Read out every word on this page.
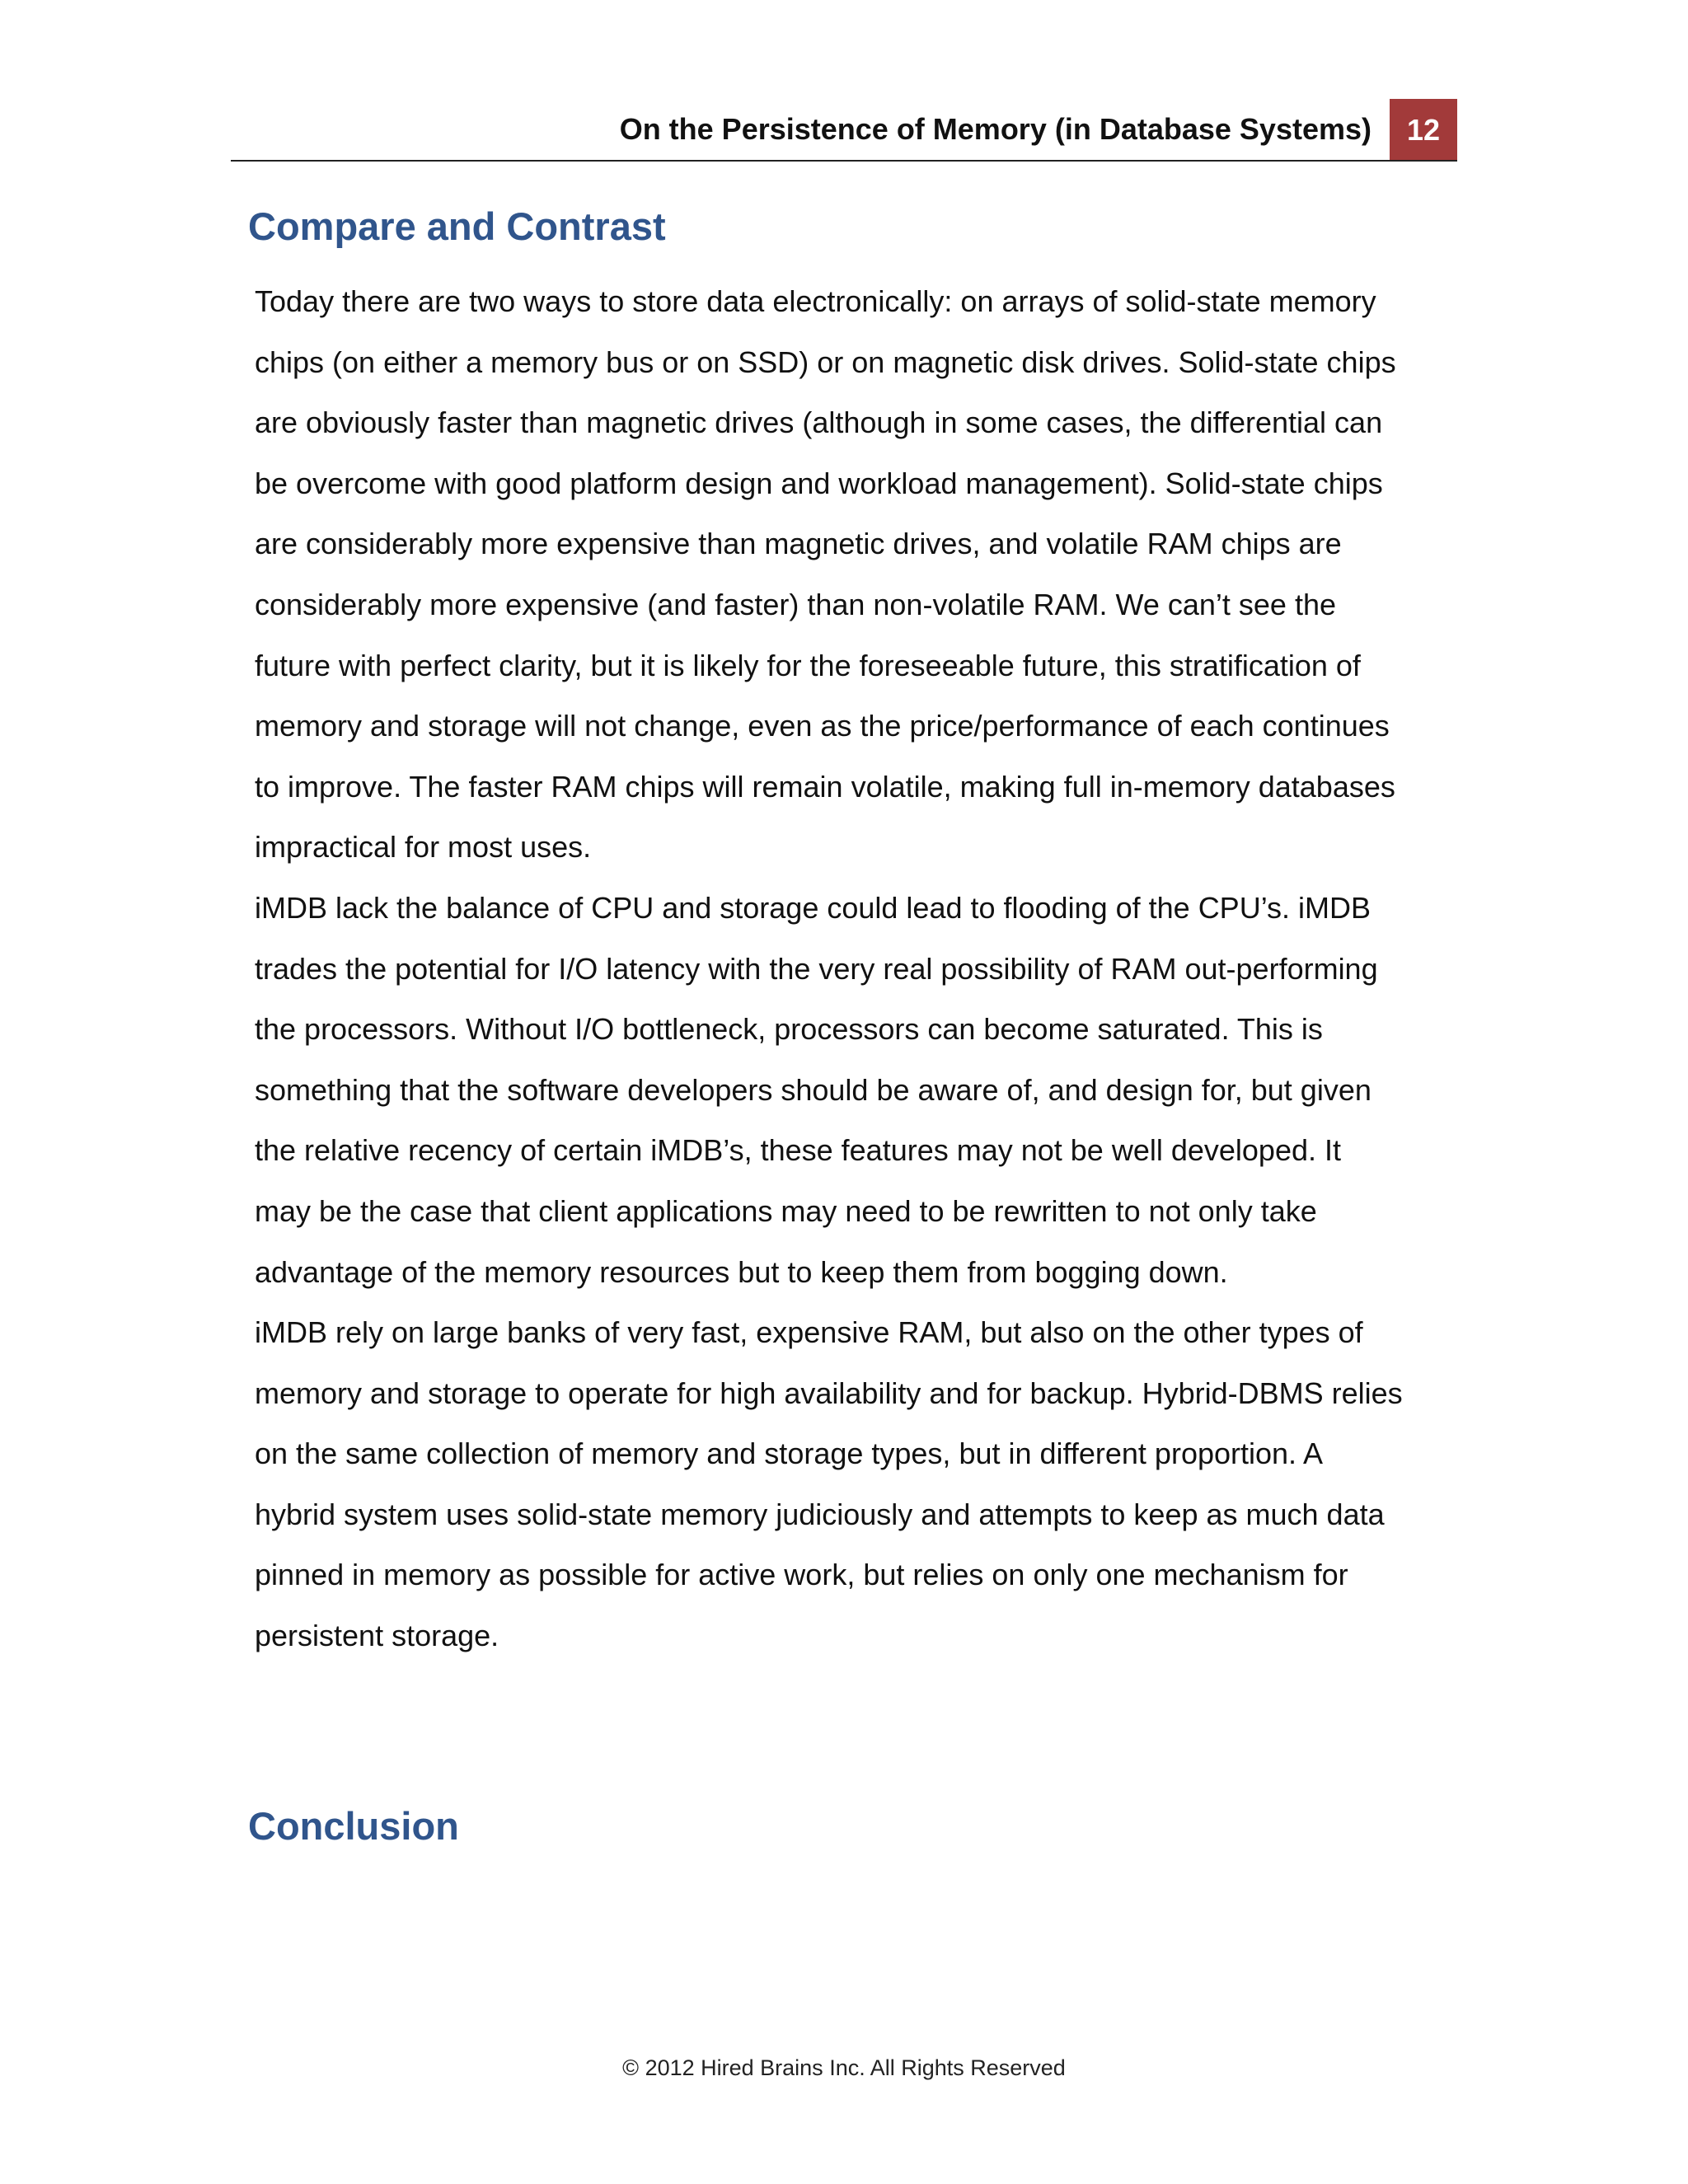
On the Persistence of Memory (in Database Systems)	12
Compare and Contrast
Today there are two ways to store data electronically: on arrays of solid-state memory
chips (on either a memory bus or on SSD) or on magnetic disk drives. Solid-state chips
are obviously faster than magnetic drives (although in some cases, the differential can
be overcome with good platform design and workload management). Solid-state chips
are considerably more expensive than magnetic drives, and volatile RAM chips are
considerably more expensive (and faster) than non-volatile RAM. We can’t see the
future with perfect clarity, but it is likely for the foreseeable future, this stratification of
memory and storage will not change, even as the price/performance of each continues
to improve. The faster RAM chips will remain volatile, making full in-memory databases
impractical for most uses.
iMDB lack the balance of CPU and storage could lead to flooding of the CPU’s. iMDB
trades the potential for I/O latency with the very real possibility of RAM out-performing
the processors. Without I/O bottleneck, processors can become saturated. This is
something that the software developers should be aware of, and design for, but given
the relative recency of certain iMDB’s, these features may not be well developed. It
may be the case that client applications may need to be rewritten to not only take
advantage of the memory resources but to keep them from bogging down.
iMDB rely on large banks of very fast, expensive RAM, but also on the other types of
memory and storage to operate for high availability and for backup. Hybrid-DBMS relies
on the same collection of memory and storage types, but in different proportion. A
hybrid system uses solid-state memory judiciously and attempts to keep as much data
pinned in memory as possible for active work, but relies on only one mechanism for
persistent storage.
Conclusion
© 2012 Hired Brains Inc. All Rights Reserved
